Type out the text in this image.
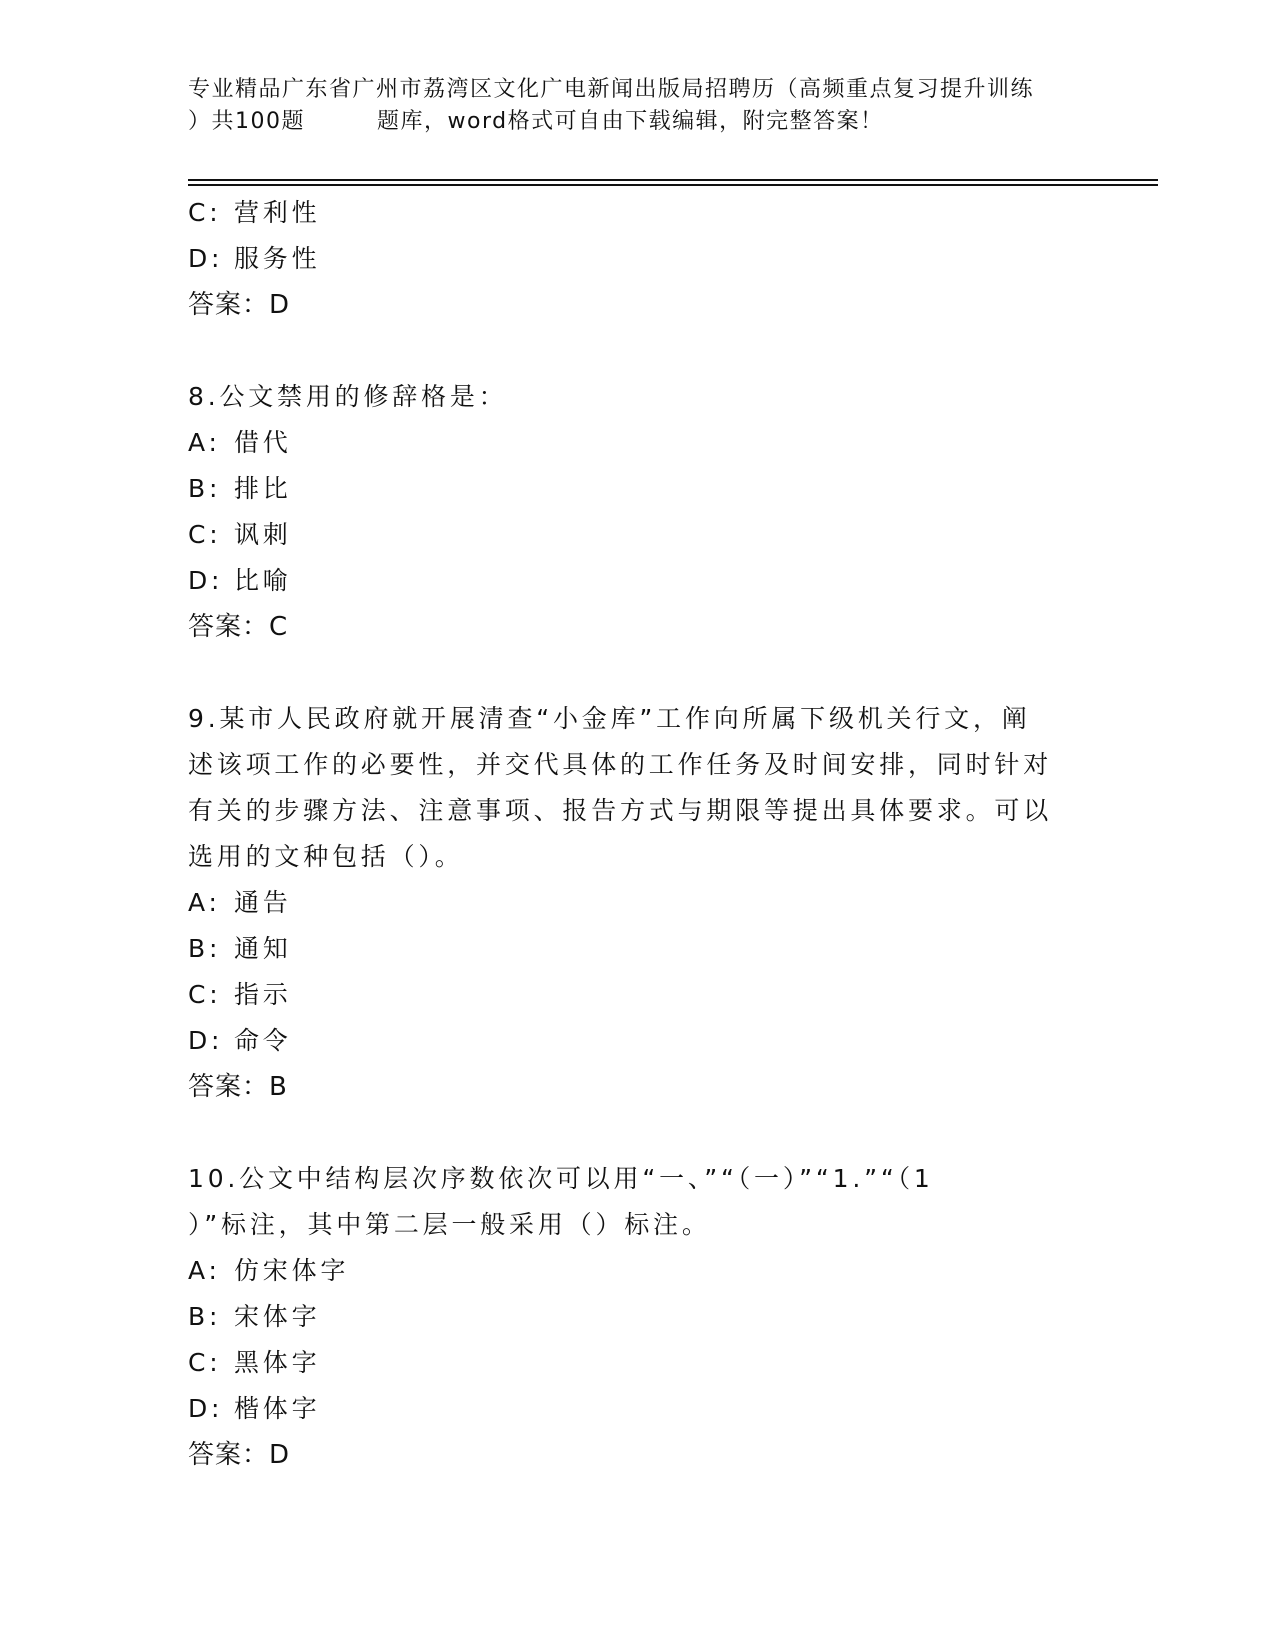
专业精品广东省广州市荔湾区文化广电新闻出版局招聘历（高频重点复习提升训练
）共100题	题库，word格式可自由下载编辑，附完整答案！
C: 营利性
D: 服务性
答案：D
8.公文禁用的修辞格是：
A: 借代
B: 排比
C: 讽刺
D: 比喻
答案：C
9.某市人民政府就开展清查“小金库”工作向所属下级机关行文，阐
述该项工作的必要性，并交代具体的工作任务及时间安排，同时针对
有关的步骤方法、注意事项、报告方式与期限等提出具体要求。可以
选用的文种包括（）。
A: 通告
B: 通知
C: 指示
D: 命令
答案：B
10.公文中结构层次序数依次可以用“一、”“（一）”“1.”“（1
）”标注，其中第二层一般采用（）标注。
A: 仿宋体字
B: 宋体字
C: 黑体字
D: 楷体字
答案：D
